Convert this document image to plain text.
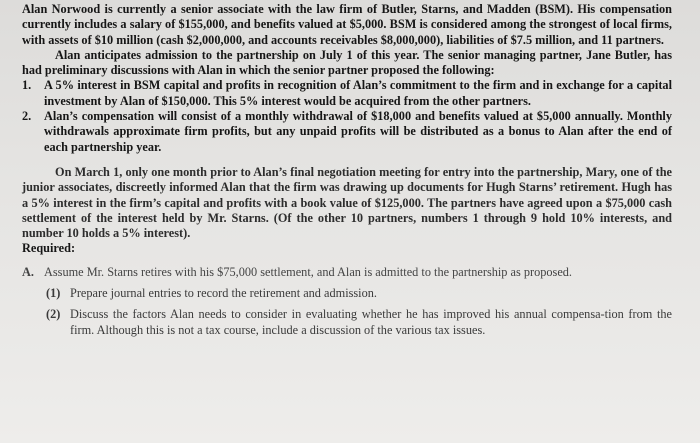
Alan Norwood is currently a senior associate with the law firm of Butler, Starns, and Madden (BSM). His compensation currently includes a salary of $155,000, and benefits valued at $5,000. BSM is considered among the strongest of local firms, with assets of $10 million (cash $2,000,000, and accounts receivables $8,000,000), liabilities of $7.5 million, and 11 partners.

Alan anticipates admission to the partnership on July 1 of this year. The senior managing partner, Jane Butler, has had preliminary discussions with Alan in which the senior partner proposed the following:

1. A 5% interest in BSM capital and profits in recognition of Alan’s commitment to the firm and in exchange for a capital investment by Alan of $150,000. This 5% interest would be acquired from the other partners.
2. Alan’s compensation will consist of a monthly withdrawal of $18,000 and benefits valued at $5,000 annually. Monthly withdrawals approximate firm profits, but any unpaid profits will be distributed as a bonus to Alan after the end of each partnership year.

On March 1, only one month prior to Alan’s final negotiation meeting for entry into the partnership, Mary, one of the junior associates, discreetly informed Alan that the firm was drawing up documents for Hugh Starns’ retirement. Hugh has a 5% interest in the firm’s capital and profits with a book value of $125,000. The partners have agreed upon a $75,000 cash settlement of the interest held by Mr. Starns. (Of the other 10 partners, numbers 1 through 9 hold 10% interests, and number 10 holds a 5% interest).

Required:

A. Assume Mr. Starns retires with his $75,000 settlement, and Alan is admitted to the partnership as proposed.
(1) Prepare journal entries to record the retirement and admission.
(2) Discuss the factors Alan needs to consider in evaluating whether he has improved his annual compensa-tion from the firm. Although this is not a tax course, include a discussion of the various tax issues.
